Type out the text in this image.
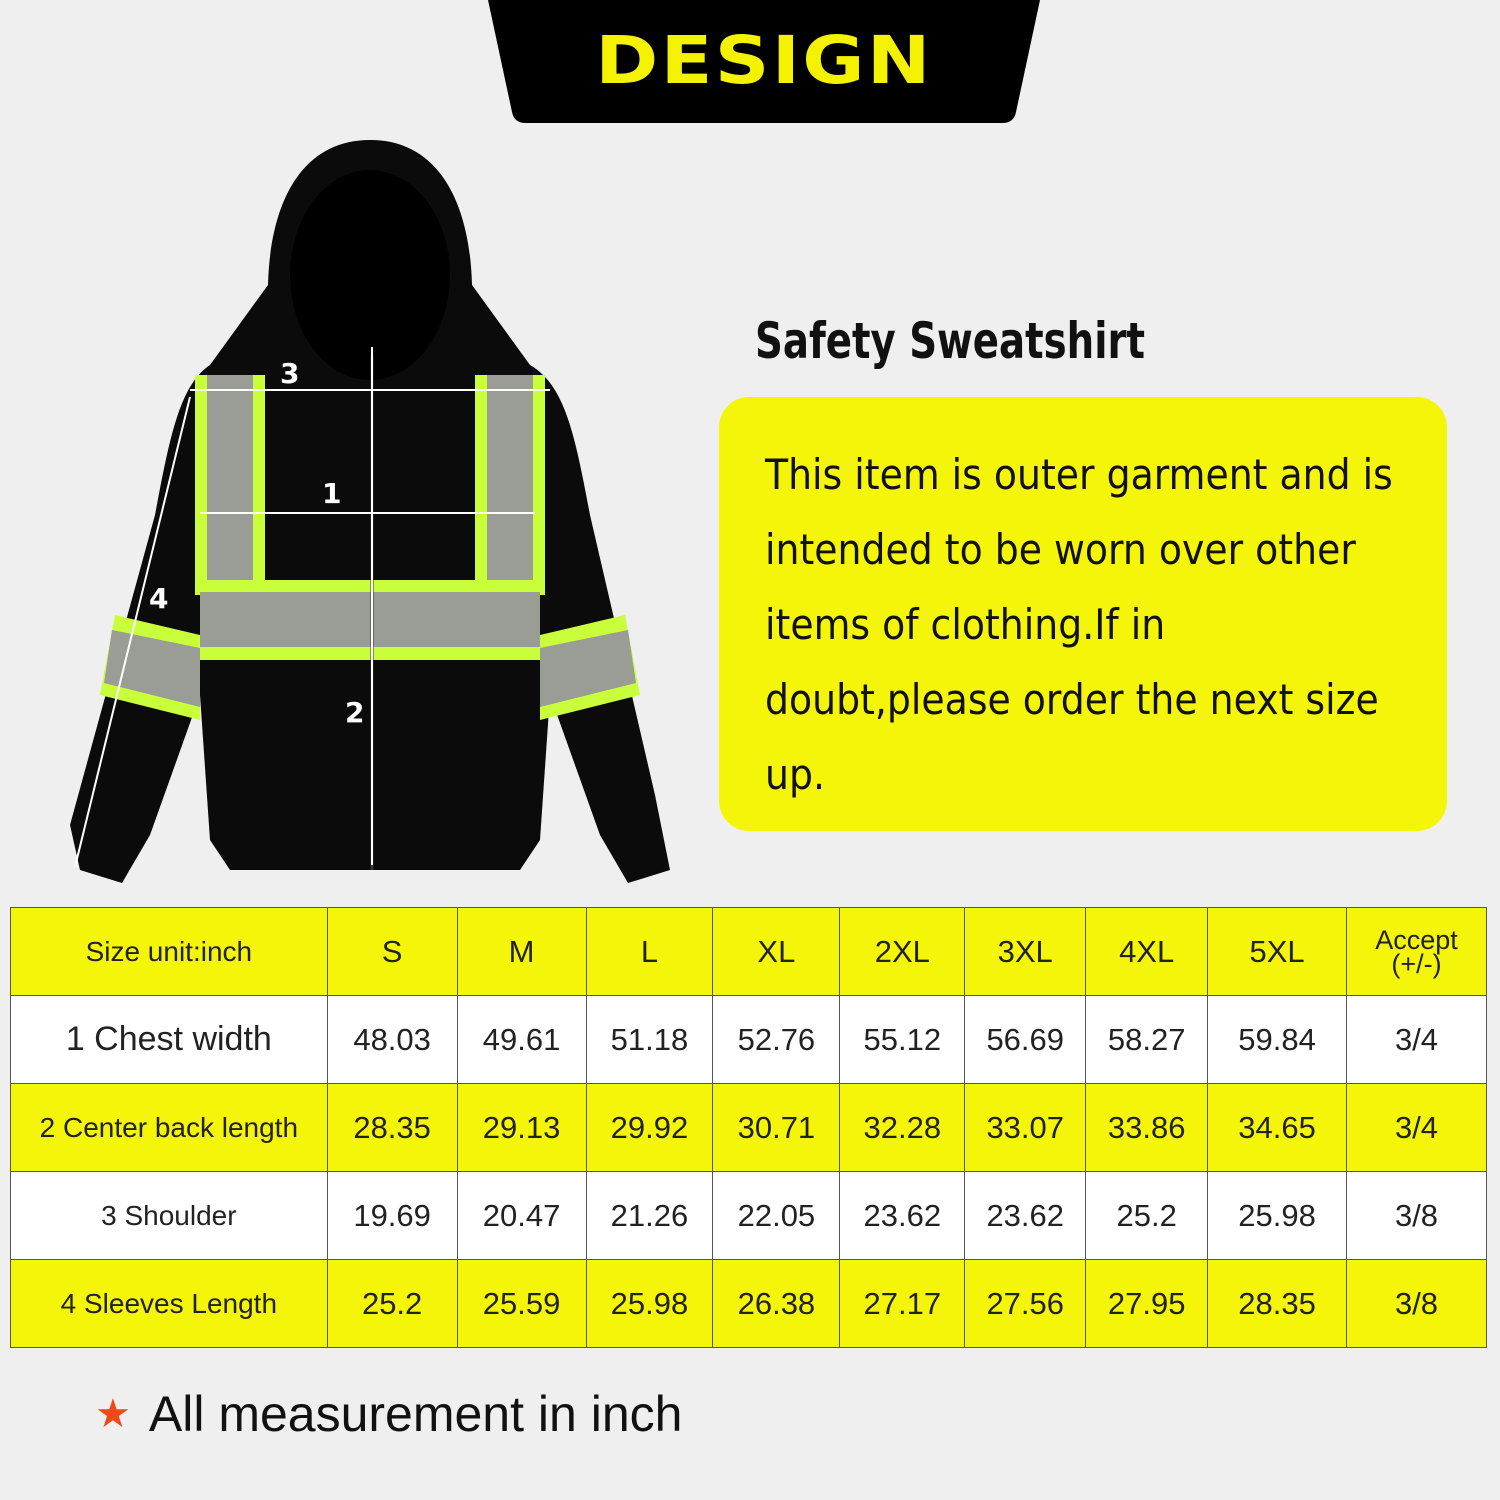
DESIGN
3
1
2
4
Safety Sweatshirt

This item is outer garment and is intended to be worn over other items of clothing.If in doubt,please order the next size up.

Size unit:inch	S	M	L	XL	2XL	3XL	4XL	5XL	Accept
(+/-)
1 Chest width	48.03	49.61	51.18	52.76	55.12	56.69	58.27	59.84	3/4
2 Center back length	28.35	29.13	29.92	30.71	32.28	33.07	33.86	34.65	3/4
3 Shoulder	19.69	20.47	21.26	22.05	23.62	23.62	25.2	25.98	3/8
4 Sleeves Length	25.2	25.59	25.98	26.38	27.17	27.56	27.95	28.35	3/8
★ All measurement in inch
